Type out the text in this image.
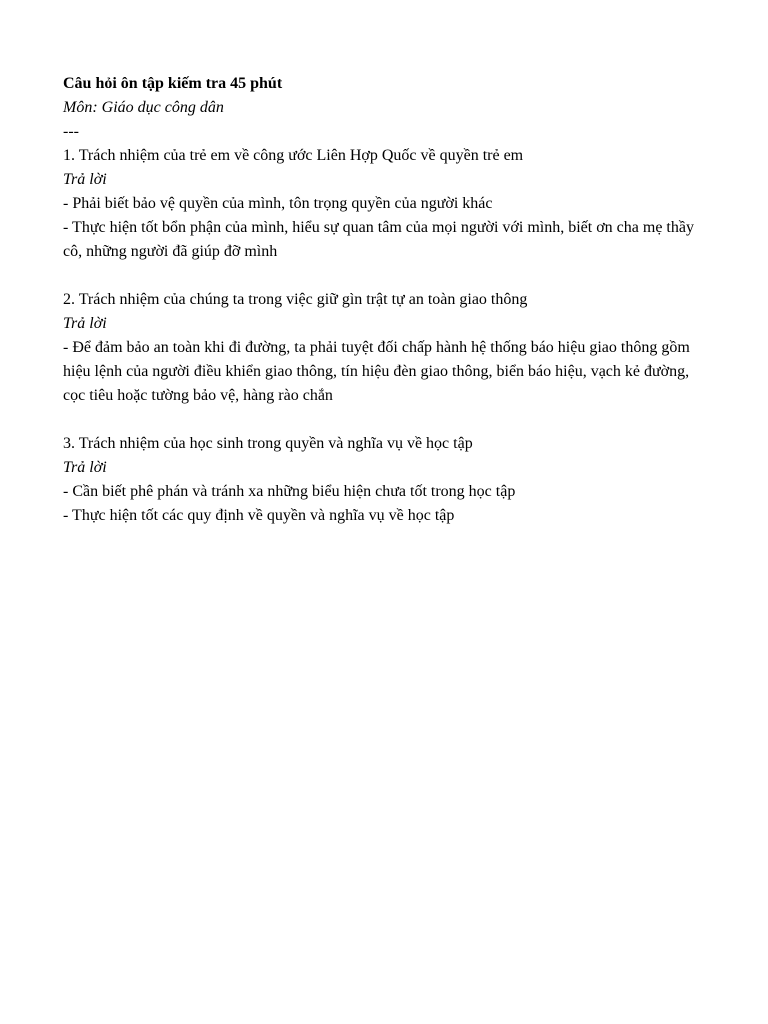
Câu hỏi ôn tập kiếm tra 45 phút
Môn: Giáo dục công dân
---
1. Trách nhiệm của trẻ em về công ước Liên Hợp Quốc về quyền trẻ em
Trả lời
- Phải biết bảo vệ quyền của mình, tôn trọng quyền của người khác
- Thực hiện tốt bổn phận của mình, hiểu sự quan tâm của mọi người với mình, biết ơn cha mẹ thầy cô, những người đã giúp đỡ mình
2. Trách nhiệm của chúng ta trong việc giữ gìn trật tự an toàn giao thông
Trả lời
- Để đảm bảo an toàn khi đi đường, ta phải tuyệt đối chấp hành hệ thống báo hiệu giao thông gồm hiệu lệnh của người điều khiển giao thông, tín hiệu đèn giao thông, biển báo hiệu, vạch kẻ đường, cọc tiêu hoặc tường bảo vệ, hàng rào chắn
3. Trách nhiệm của học sinh trong quyền và nghĩa vụ về học tập
Trả lời
- Cần biết phê phán và tránh xa những biểu hiện chưa tốt trong học tập
- Thực hiện tốt các quy định về quyền và nghĩa vụ về học tập
